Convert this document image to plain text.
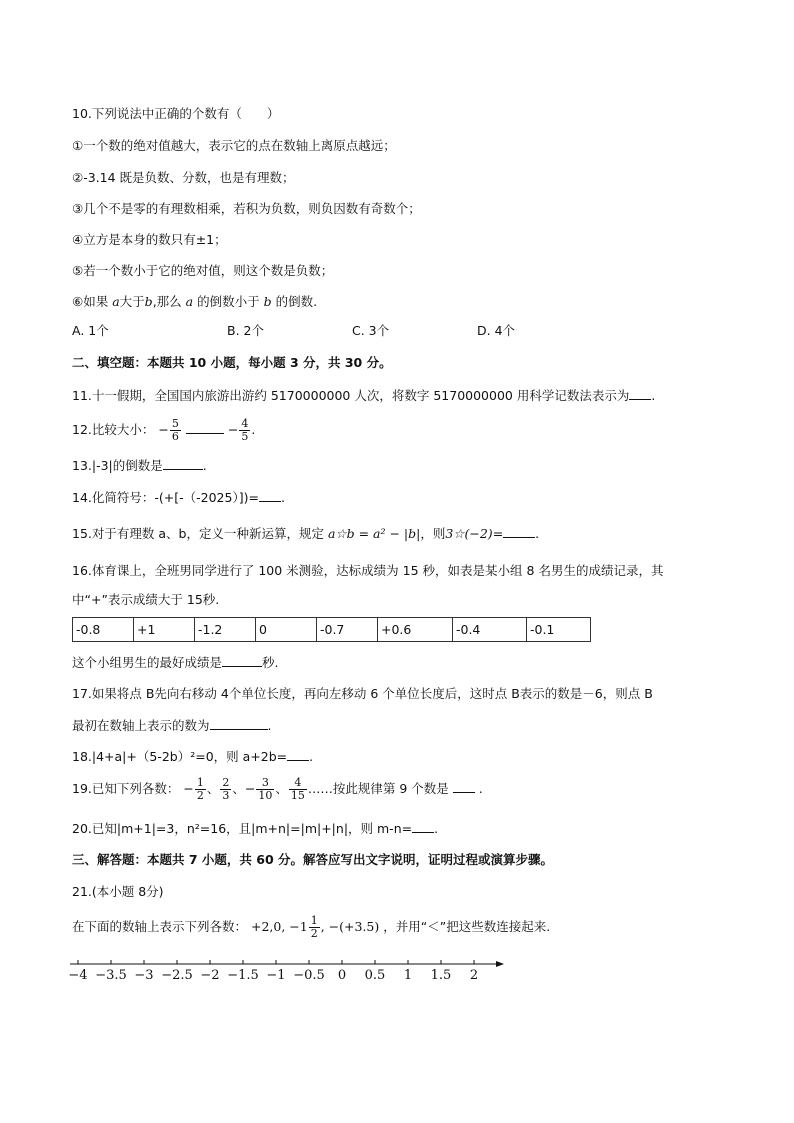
10.下列说法中正确的个数有（　　）
①一个数的绝对值越大，表示它的点在数轴上离原点越远；
②-3.14 既是负数、分数，也是有理数；
③几个不是零的有理数相乘，若积为负数，则负因数有奇数个；
④立方是本身的数只有±1；
⑤若一个数小于它的绝对值，则这个数是负数；
⑥如果 a大于b,那么 a 的倒数小于 b 的倒数.
A. 1个	B. 2个	C. 3个	D. 4个
二、填空题：本题共 10 小题，每小题 3 分，共 30 分。
11.十一假期，全国国内旅游出游约 5170000000 人次，将数字 5170000000 用科学记数法表示为 .
12.比较大小： − $\frac{5}{6}$	− $\frac{4}{5}$ .
13.|-3|的倒数是	.
14.化简符号：-(+[-（-2025）])= .
15.对于有理数 a、b，定义一种新运算，规定 a☆b = a² − |b|，则3☆(−2)=	.
16.体育课上，全班男同学进行了 100 米测验，达标成绩为 15 秒，如表是某小组 8 名男生的成绩记录，其
中“+”表示成绩大于 15秒.
-0.8	+1	-1.2	0	-0.7	+0.6	-0.4	-0.1
这个小组男生的最好成绩是	秒.
17.如果将点 B先向右移动 4个单位长度，再向左移动 6 个单位长度后，这时点 B表示的数是－6，则点 B
最初在数轴上表示的数为	.
18.|4+a|+（5-2b）²=0，则 a+2b= .
19.已知下列各数： − $\frac{1}{2}$ 、 $\frac{2}{3}$ 、− $\frac{3}{10}$ 、 $\frac{4}{15}$ ……按此规律第 9 个数是 .
20.已知|m+1|=3，n²=16，且|m+n|=|m|+|n|，则 m-n= .
三、解答题：本题共 7 小题，共 60 分。解答应写出文字说明，证明过程或演算步骤。
21.(本小题 8分)
在下面的数轴上表示下列各数： +2,0, $-1 \frac{1}{2}$ , −(+3.5) ，并用“＜”把这些数连接起来.
−4 −3.5 −3 −2.5 −2 −1.5 −1 −0.5 0 0.5 1 1.5 2
